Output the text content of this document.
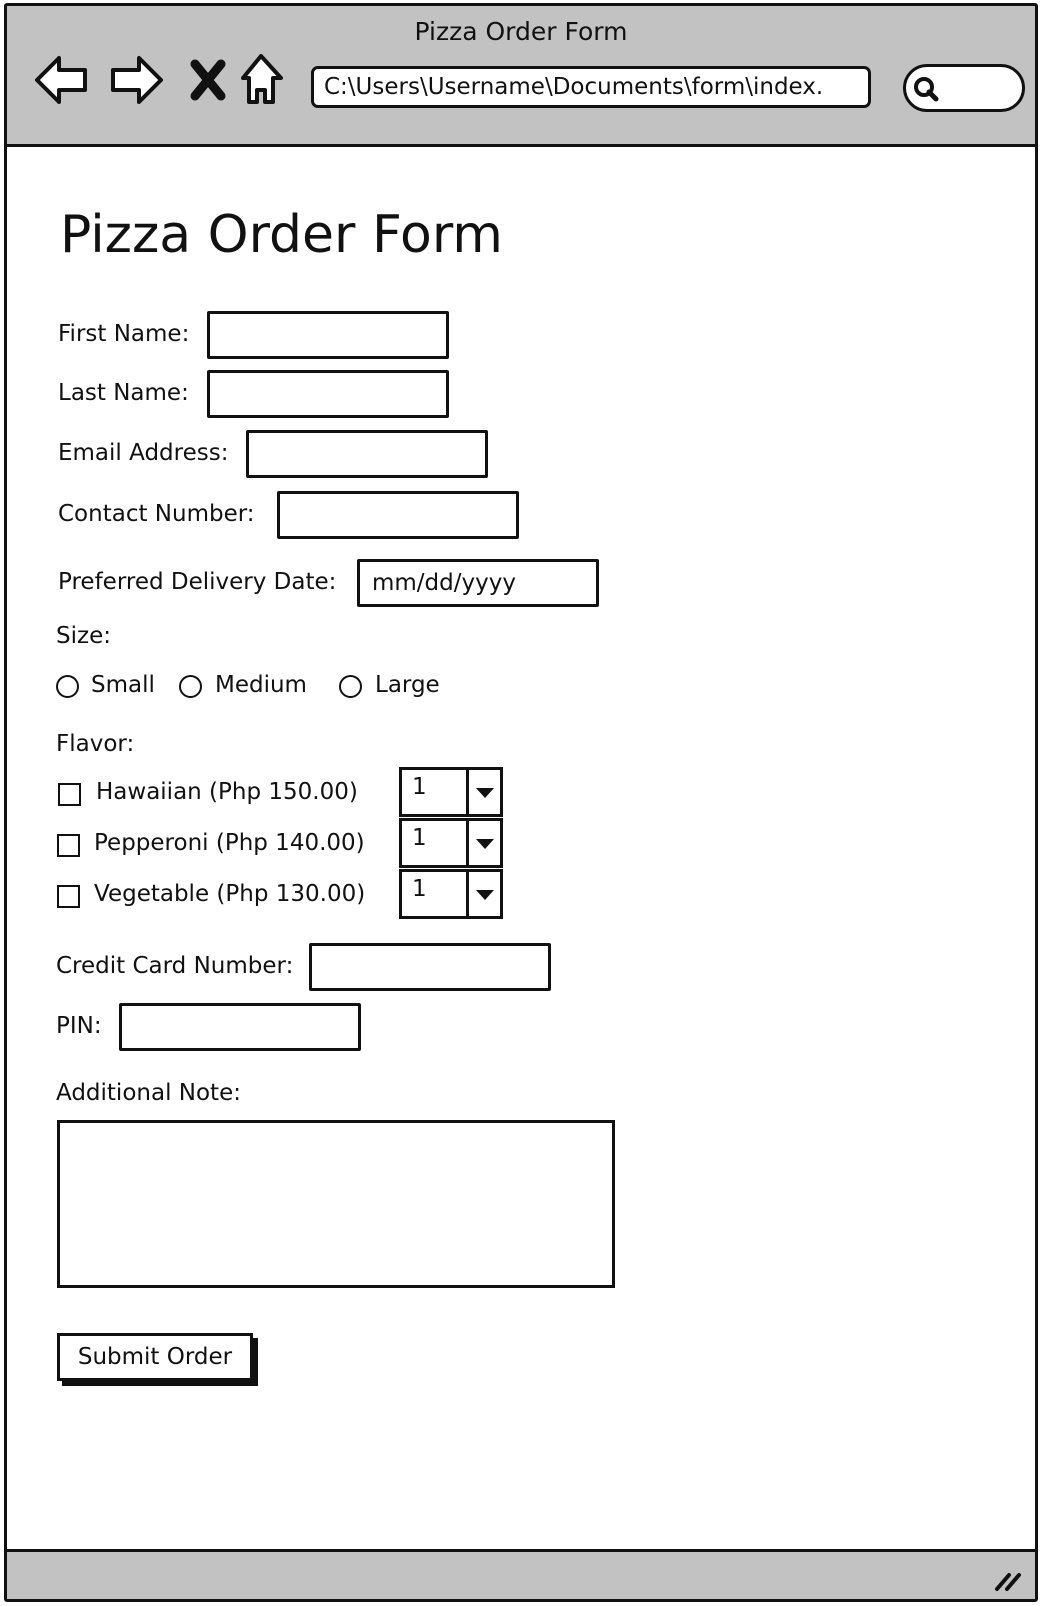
Pizza Order Form
C:\Users\Username\Documents\form\index.
Pizza Order Form
First Name:
Last Name:
Email Address:
Contact Number:
Preferred Delivery Date:	mm/dd/yyyy
Size:
Small	Medium	Large
Flavor:
Hawaiian (Php 150.00) 1
Pepperoni (Php 140.00) 1
Vegetable (Php 130.00) 1
Credit Card Number:
PIN:
Additional Note:
Submit Order
